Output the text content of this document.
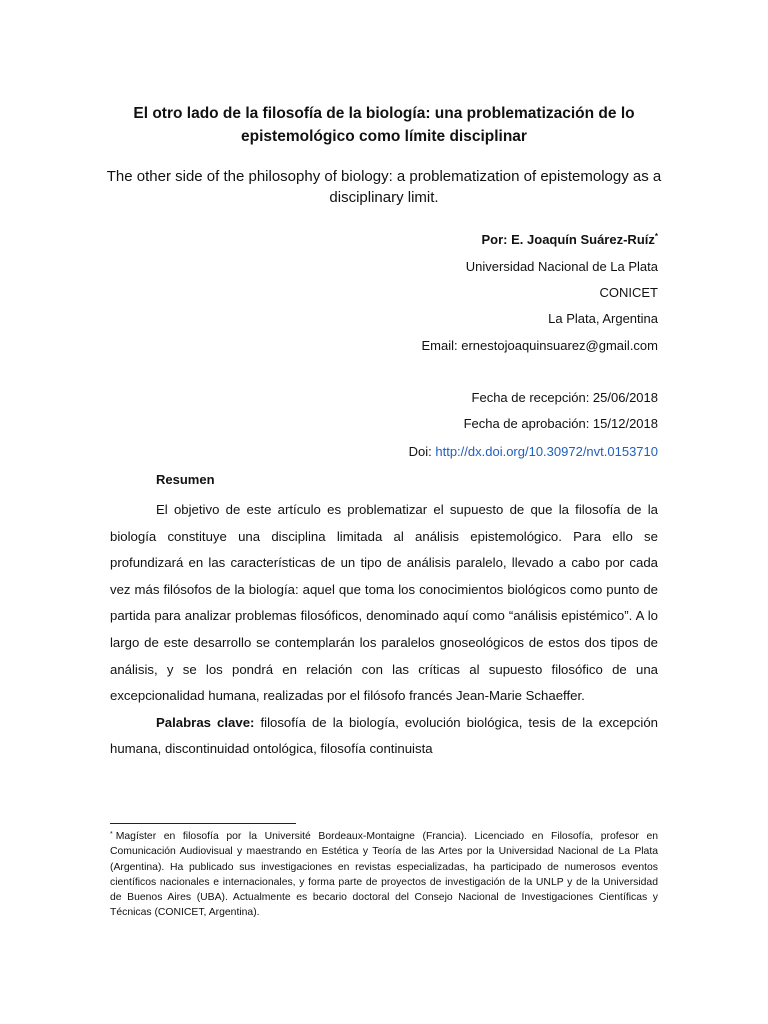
El otro lado de la filosofía de la biología: una problematización de lo epistemológico como límite disciplinar
The other side of the philosophy of biology: a problematization of epistemology as a disciplinary limit.
Por: E. Joaquín Suárez-Ruíz*
Universidad Nacional de La Plata
CONICET
La Plata, Argentina
Email: ernestojoaquinsuarez@gmail.com
Fecha de recepción: 25/06/2018
Fecha de aprobación: 15/12/2018
Doi: http://dx.doi.org/10.30972/nvt.0153710
Resumen

El objetivo de este artículo es problematizar el supuesto de que la filosofía de la biología constituye una disciplina limitada al análisis epistemológico. Para ello se profundizará en las características de un tipo de análisis paralelo, llevado a cabo por cada vez más filósofos de la biología: aquel que toma los conocimientos biológicos como punto de partida para analizar problemas filosóficos, denominado aquí como “análisis epistémico”. A lo largo de este desarrollo se contemplarán los paralelos gnoseológicos de estos dos tipos de análisis, y se los pondrá en relación con las críticas al supuesto filosófico de una excepcionalidad humana, realizadas por el filósofo francés Jean-Marie Schaeffer.

Palabras clave: filosofía de la biología, evolución biológica, tesis de la excepción humana, discontinuidad ontológica, filosofía continuista

* Magíster en filosofía por la Université Bordeaux-Montaigne (Francia). Licenciado en Filosofía, profesor en Comunicación Audiovisual y maestrando en Estética y Teoría de las Artes por la Universidad Nacional de La Plata (Argentina). Ha publicado sus investigaciones en revistas especializadas, ha participado de numerosos eventos científicos nacionales e internacionales, y forma parte de proyectos de investigación de la UNLP y de la Universidad de Buenos Aires (UBA). Actualmente es becario doctoral del Consejo Nacional de Investigaciones Científicas y Técnicas (CONICET, Argentina).
